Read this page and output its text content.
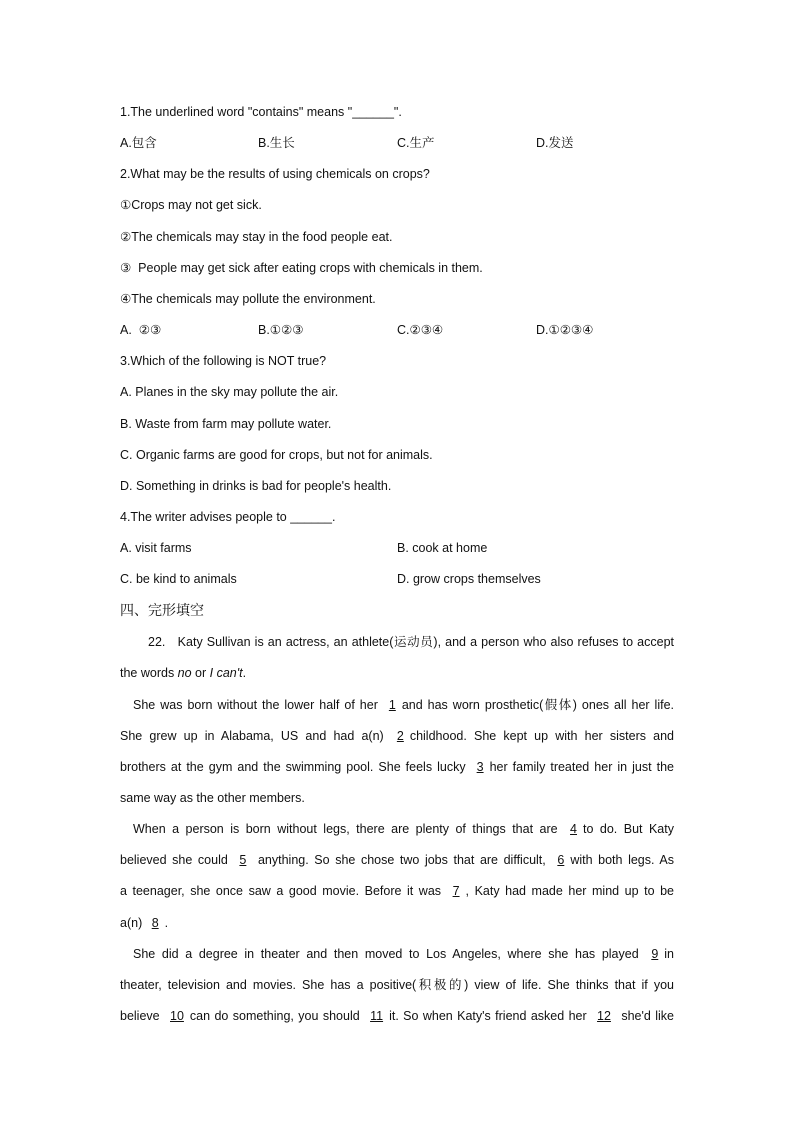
1.The underlined word "contains" means "______".
A.包含	B.生长	C.生产	D.发送
2.What may be the results of using chemicals on crops?
①Crops may not get sick.
②The chemicals may stay in the food people eat.
③  People may get sick after eating crops with chemicals in them.
④The chemicals may pollute the environment.
A.  ②③	B.①②③	C.②③④	D.①②③④
3.Which of the following is NOT true?
A. Planes in the sky may pollute the air.
B. Waste from farm may pollute water.
C. Organic farms are good for crops, but not for animals.
D. Something in drinks is bad for people's health.
4.The writer advises people to ______.
A. visit farms	B. cook at home
C. be kind to animals	D. grow crops themselves
四、完形填空
22.   Katy Sullivan is an actress, an athlete(运动员), and a person who also refuses to accept
the words no or I can't.
She was born without the lower half of her 1 and has worn prosthetic(假体) ones all her life.
She grew up in Alabama, US and had a(n) 2 childhood. She kept up with her sisters and
brothers at the gym and the swimming pool. She feels lucky 3 her family treated her in just the
same way as the other members.
When a person is born without legs, there are plenty of things that are 4 to do. But Katy
believed she could 5 anything. So she chose two jobs that are difficult, 6 with both legs. As
a teenager, she once saw a good movie. Before it was 7 , Katy had made her mind up to be
a(n) 8 .
She did a degree in theater and then moved to Los Angeles, where she has played 9 in
theater, television and movies. She has a positive(积极的) view of life. She thinks that if you
believe 10 can do something, you should 11 it. So when Katy's friend asked her 12 she'd like
